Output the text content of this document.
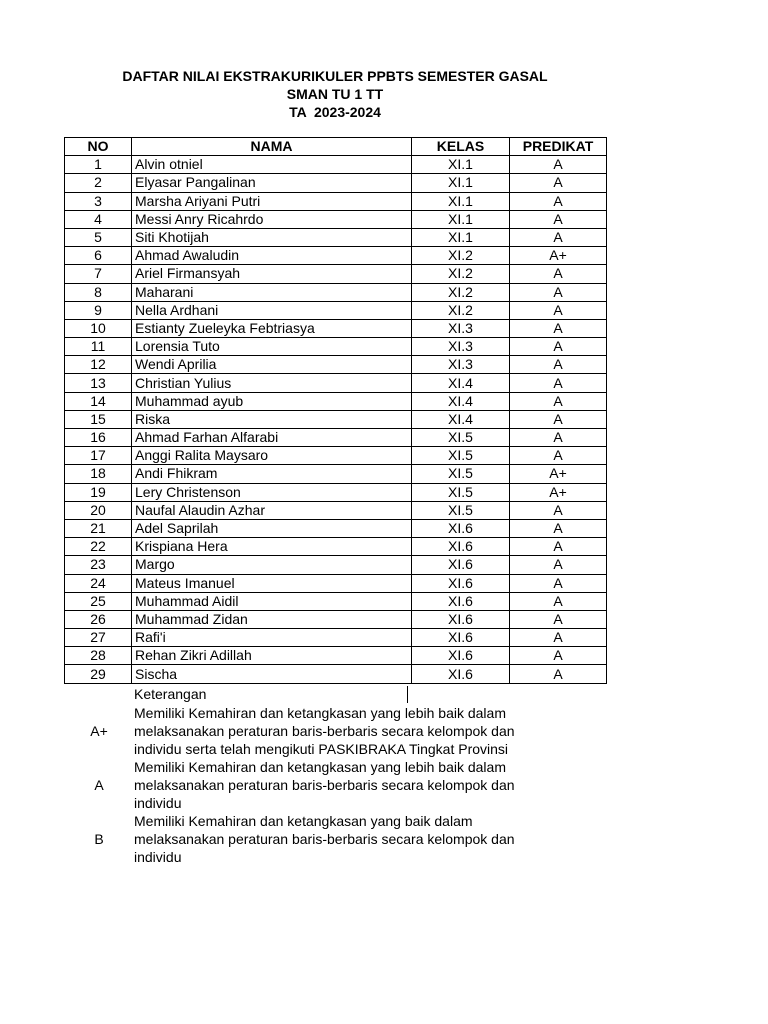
DAFTAR NILAI EKSTRAKURIKULER PPBTS SEMESTER GASAL
SMAN TU 1 TT
TA  2023-2024
NO	NAMA	KELAS	PREDIKAT
1	Alvin otniel	XI.1	A
2	Elyasar Pangalinan	XI.1	A
3	Marsha Ariyani Putri	XI.1	A
4	Messi Anry Ricahrdo	XI.1	A
5	Siti Khotijah	XI.1	A
6	Ahmad Awaludin	XI.2	A+
7	Ariel Firmansyah	XI.2	A
8	Maharani	XI.2	A
9	Nella Ardhani	XI.2	A
10	Estianty Zueleyka Febtriasya	XI.3	A
11	Lorensia Tuto	XI.3	A
12	Wendi Aprilia	XI.3	A
13	Christian Yulius	XI.4	A
14	Muhammad ayub	XI.4	A
15	Riska	XI.4	A
16	Ahmad Farhan Alfarabi	XI.5	A
17	Anggi Ralita Maysaro	XI.5	A
18	Andi Fhikram	XI.5	A+
19	Lery Christenson	XI.5	A+
20	Naufal Alaudin Azhar	XI.5	A
21	Adel Saprilah	XI.6	A
22	Krispiana Hera	XI.6	A
23	Margo	XI.6	A
24	Mateus Imanuel	XI.6	A
25	Muhammad Aidil	XI.6	A
26	Muhammad Zidan	XI.6	A
27	Rafi'i	XI.6	A
28	Rehan Zikri Adillah	XI.6	A
29	Sischa	XI.6	A
Keterangan
A+
Memiliki Kemahiran dan ketangkasan yang lebih baik dalam
melaksanakan peraturan baris-berbaris secara kelompok dan
individu serta telah mengikuti PASKIBRAKA Tingkat Provinsi
A
Memiliki Kemahiran dan ketangkasan yang lebih baik dalam
melaksanakan peraturan baris-berbaris secara kelompok dan
individu
B
Memiliki Kemahiran dan ketangkasan yang baik dalam
melaksanakan peraturan baris-berbaris secara kelompok dan
individu
